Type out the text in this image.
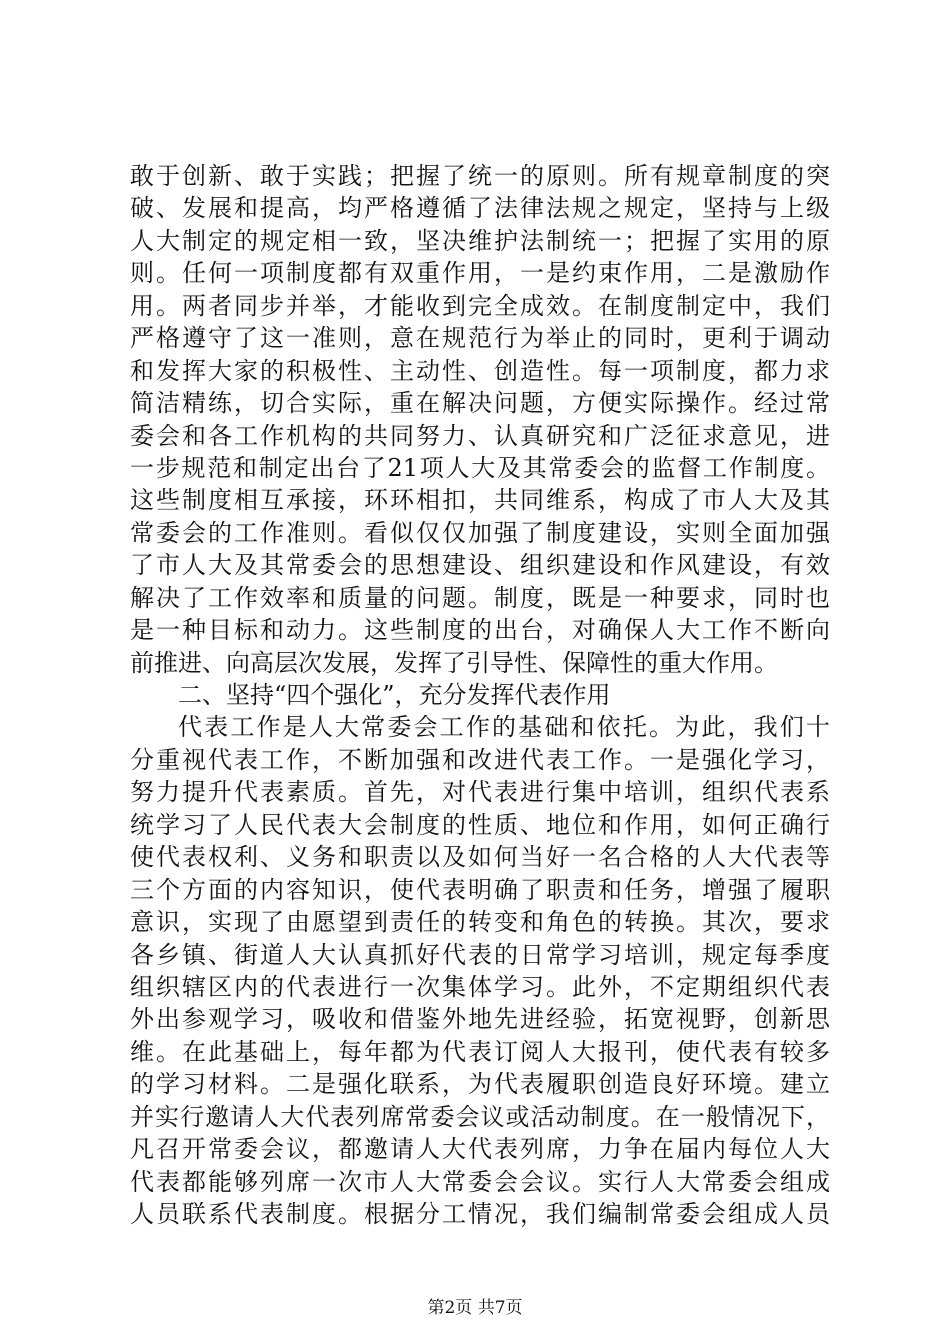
敢于创新、敢于实践；把握了统一的原则。所有规章制度的突
破、发展和提高，均严格遵循了法律法规之规定，坚持与上级
人大制定的规定相一致，坚决维护法制统一；把握了实用的原
则。任何一项制度都有双重作用，一是约束作用，二是激励作
用。两者同步并举，才能收到完全成效。在制度制定中，我们
严格遵守了这一准则，意在规范行为举止的同时，更利于调动
和发挥大家的积极性、主动性、创造性。每一项制度，都力求
简洁精练，切合实际，重在解决问题，方便实际操作。经过常
委会和各工作机构的共同努力、认真研究和广泛征求意见，进
一步规范和制定出台了21项人大及其常委会的监督工作制度。
这些制度相互承接，环环相扣，共同维系，构成了市人大及其
常委会的工作准则。看似仅仅加强了制度建设，实则全面加强
了市人大及其常委会的思想建设、组织建设和作风建设，有效
解决了工作效率和质量的问题。制度，既是一种要求，同时也
是一种目标和动力。这些制度的出台，对确保人大工作不断向
前推进、向高层次发展，发挥了引导性、保障性的重大作用。
二、坚持“四个强化”，充分发挥代表作用
代表工作是人大常委会工作的基础和依托。为此，我们十
分重视代表工作，不断加强和改进代表工作。一是强化学习，
努力提升代表素质。首先，对代表进行集中培训，组织代表系
统学习了人民代表大会制度的性质、地位和作用，如何正确行
使代表权利、义务和职责以及如何当好一名合格的人大代表等
三个方面的内容知识，使代表明确了职责和任务，增强了履职
意识，实现了由愿望到责任的转变和角色的转换。其次，要求
各乡镇、街道人大认真抓好代表的日常学习培训，规定每季度
组织辖区内的代表进行一次集体学习。此外，不定期组织代表
外出参观学习，吸收和借鉴外地先进经验，拓宽视野，创新思
维。在此基础上，每年都为代表订阅人大报刊，使代表有较多
的学习材料。二是强化联系，为代表履职创造良好环境。建立
并实行邀请人大代表列席常委会议或活动制度。在一般情况下，
凡召开常委会议，都邀请人大代表列席，力争在届内每位人大
代表都能够列席一次市人大常委会会议。实行人大常委会组成
人员联系代表制度。根据分工情况，我们编制常委会组成人员
第2页 共7页
